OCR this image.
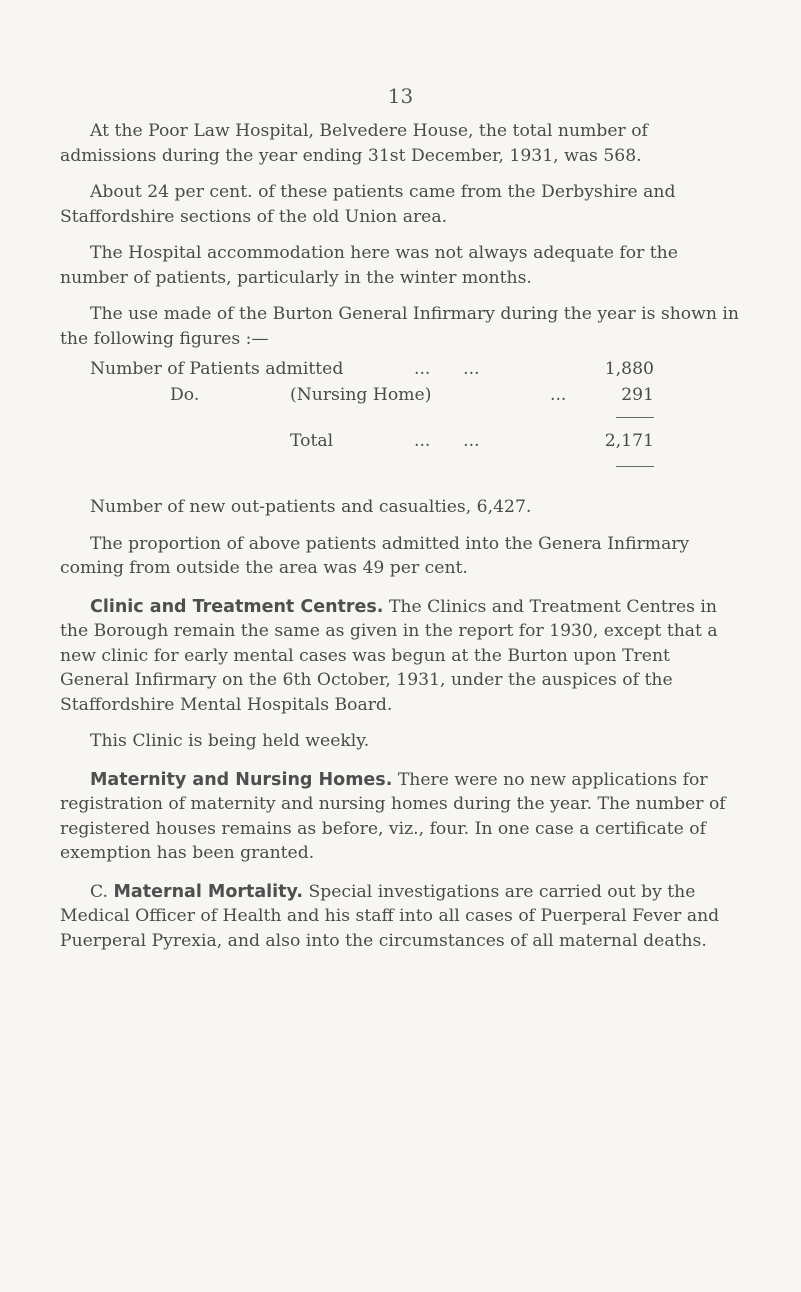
13

At the Poor Law Hospital, Belvedere House, the total number of admissions during the year ending 31st December, 1931, was 568.

About 24 per cent. of these patients came from the Derbyshire and Staffordshire sections of the old Union area.

The Hospital accommodation here was not always adequate for the number of patients, particularly in the winter months.

The use made of the Burton General Infirmary during the year is shown in the following figures :—

Number of Patients admitted	...      ...	1,880
Do.	(Nursing Home)	...	291
Total	...      ...	2,171

Number of new out-patients and casualties, 6,427.

The proportion of above patients admitted into the Genera Infirmary coming from outside the area was 49 per cent.

Clinic and Treatment Centres. The Clinics and Treatment Centres in the Borough remain the same as given in the report for 1930, except that a new clinic for early mental cases was begun at the Burton upon Trent General Infirmary on the 6th October, 1931, under the auspices of the Staffordshire Mental Hospitals Board.

This Clinic is being held weekly.

Maternity and Nursing Homes. There were no new applications for registration of maternity and nursing homes during the year. The number of registered houses remains as before, viz., four. In one case a certificate of exemption has been granted.

C. Maternal Mortality. Special investigations are carried out by the Medical Officer of Health and his staff into all cases of Puerperal Fever and Puerperal Pyrexia, and also into the circumstances of all maternal deaths.
